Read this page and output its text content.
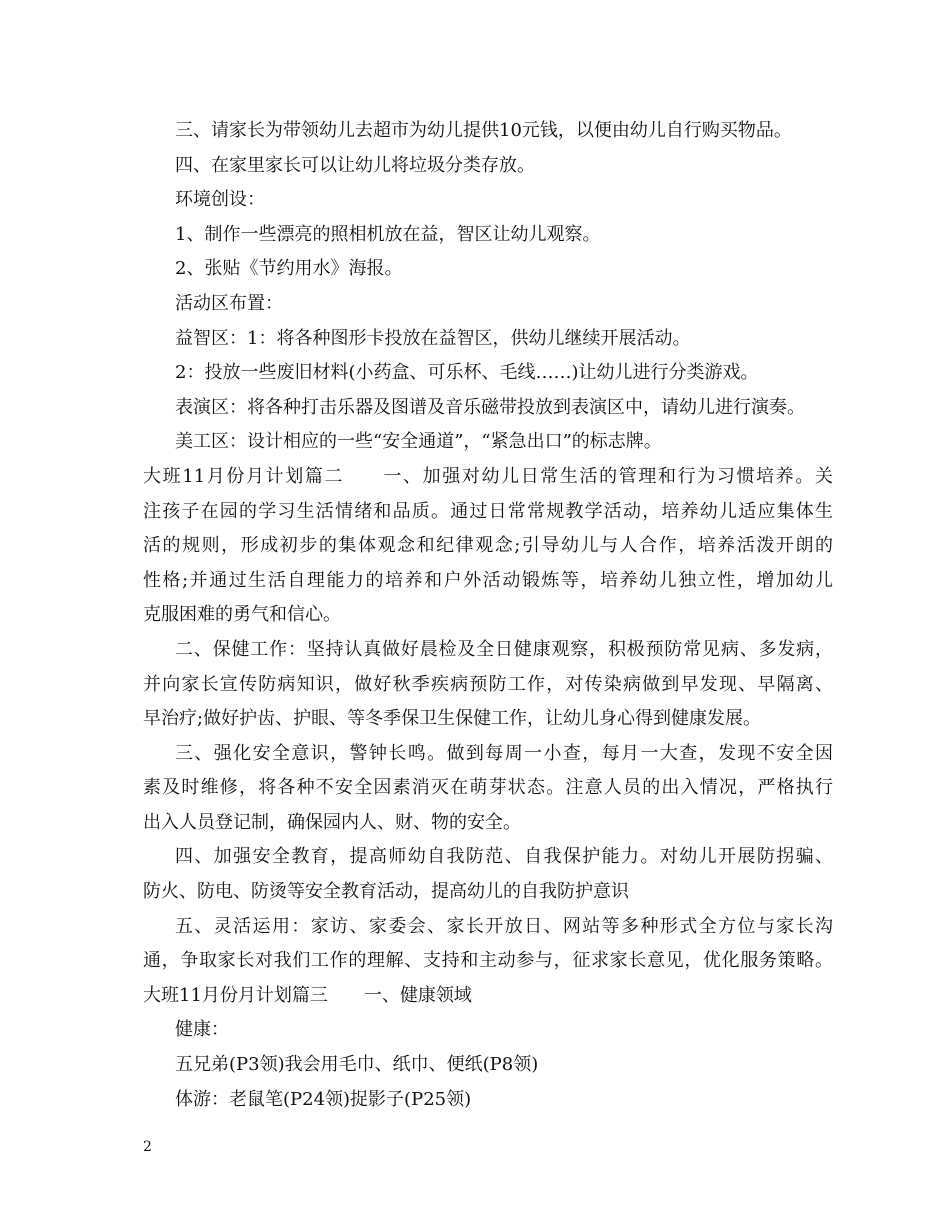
三、请家长为带领幼儿去超市为幼儿提供10元钱，以便由幼儿自行购买物品。

四、在家里家长可以让幼儿将垃圾分类存放。

环境创设：

1、制作一些漂亮的照相机放在益，智区让幼儿观察。

2、张贴《节约用水》海报。

活动区布置：

益智区：1：将各种图形卡投放在益智区，供幼儿继续开展活动。

2：投放一些废旧材料(小药盒、可乐杯、毛线……)让幼儿进行分类游戏。

表演区：将各种打击乐器及图谱及音乐磁带投放到表演区中，请幼儿进行演奏。

美工区：设计相应的一些“安全通道”，“紧急出口”的标志牌。

大班11月份月计划篇二　　一、加强对幼儿日常生活的管理和行为习惯培养。关

注孩子在园的学习生活情绪和品质。通过日常常规教学活动，培养幼儿适应集体生

活的规则，形成初步的集体观念和纪律观念;引导幼儿与人合作，培养活泼开朗的

性格;并通过生活自理能力的培养和户外活动锻炼等，培养幼儿独立性，增加幼儿

克服困难的勇气和信心。

二、保健工作：坚持认真做好晨检及全日健康观察，积极预防常见病、多发病，

并向家长宣传防病知识，做好秋季疾病预防工作，对传染病做到早发现、早隔离、

早治疗;做好护齿、护眼、等冬季保卫生保健工作，让幼儿身心得到健康发展。

三、强化安全意识，警钟长鸣。做到每周一小查，每月一大查，发现不安全因

素及时维修，将各种不安全因素消灭在萌芽状态。注意人员的出入情况，严格执行

出入人员登记制，确保园内人、财、物的安全。

四、加强安全教育，提高师幼自我防范、自我保护能力。对幼儿开展防拐骗、

防火、防电、防烫等安全教育活动，提高幼儿的自我防护意识

五、灵活运用：家访、家委会、家长开放日、网站等多种形式全方位与家长沟

通，争取家长对我们工作的理解、支持和主动参与，征求家长意见，优化服务策略。

大班11月份月计划篇三　　一、健康领域

健康：

五兄弟(P3领)我会用毛巾、纸巾、便纸(P8领)

体游：老鼠笔(P24领)捉影子(P25领)

2
